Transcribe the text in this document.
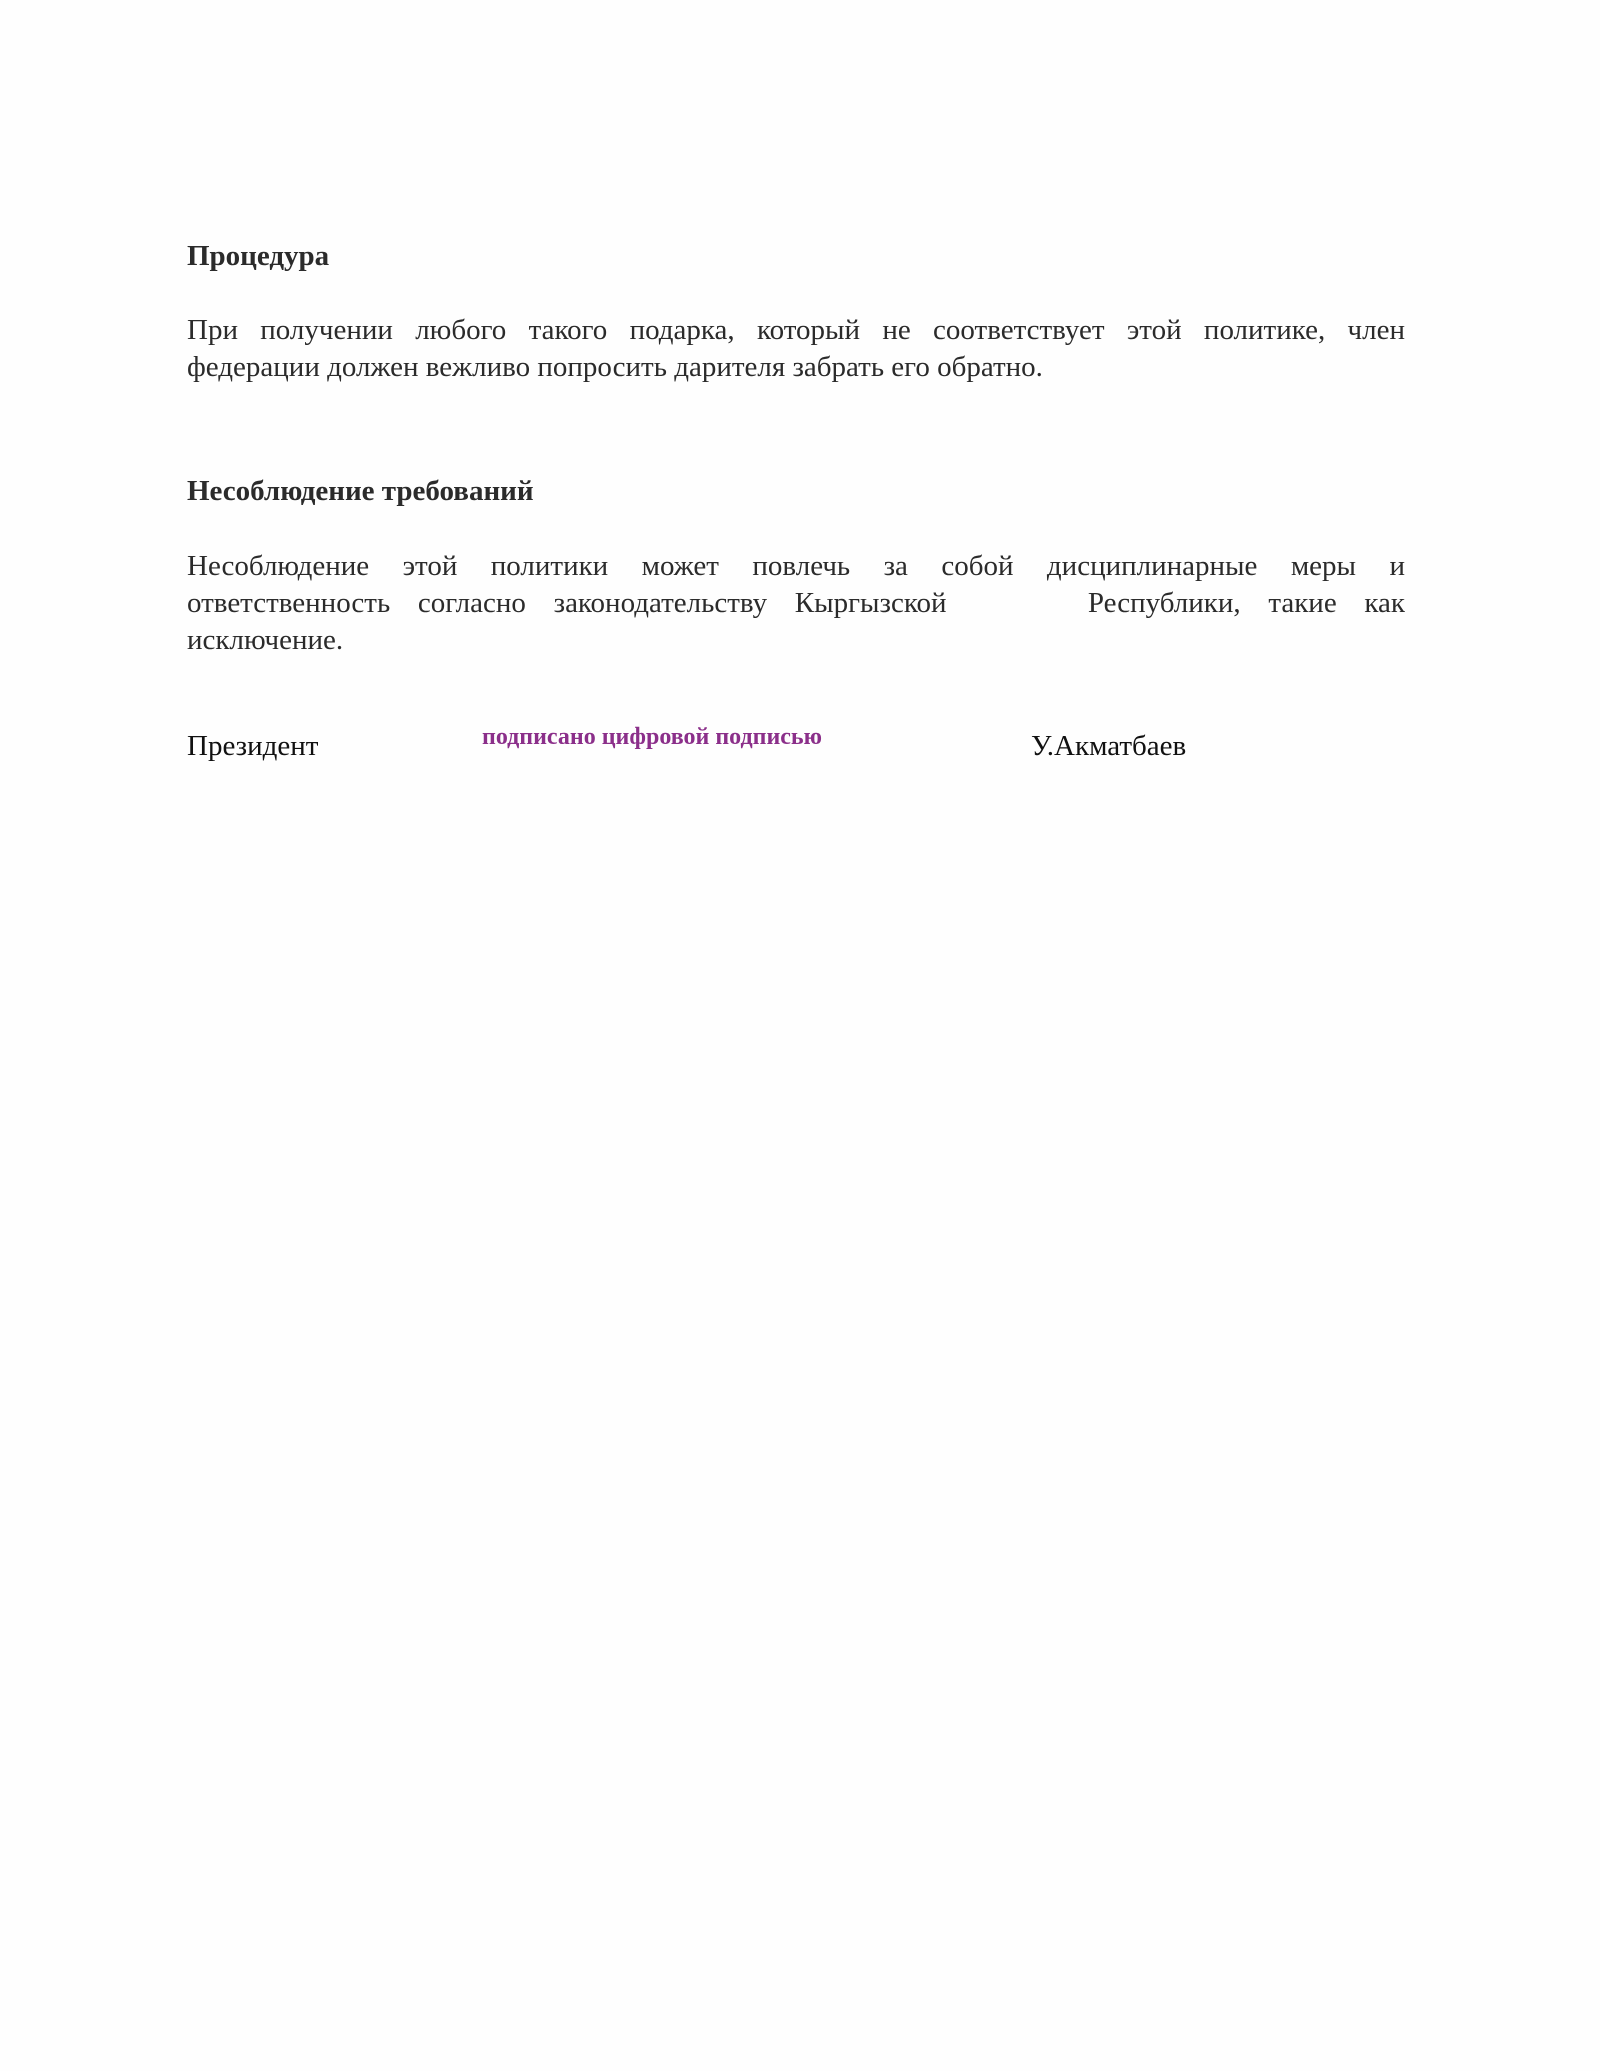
Процедура
При получении любого такого подарка, который не соответствует этой политике, член
федерации должен вежливо попросить дарителя забрать его обратно.
Несоблюдение требований
Несоблюдение этой политики может повлечь за собой дисциплинарные меры и
ответственность согласно законодательству Кыргызской	Республики, такие как
исключение.
Президент	подписано цифровой подписью	У.Акматбаев
